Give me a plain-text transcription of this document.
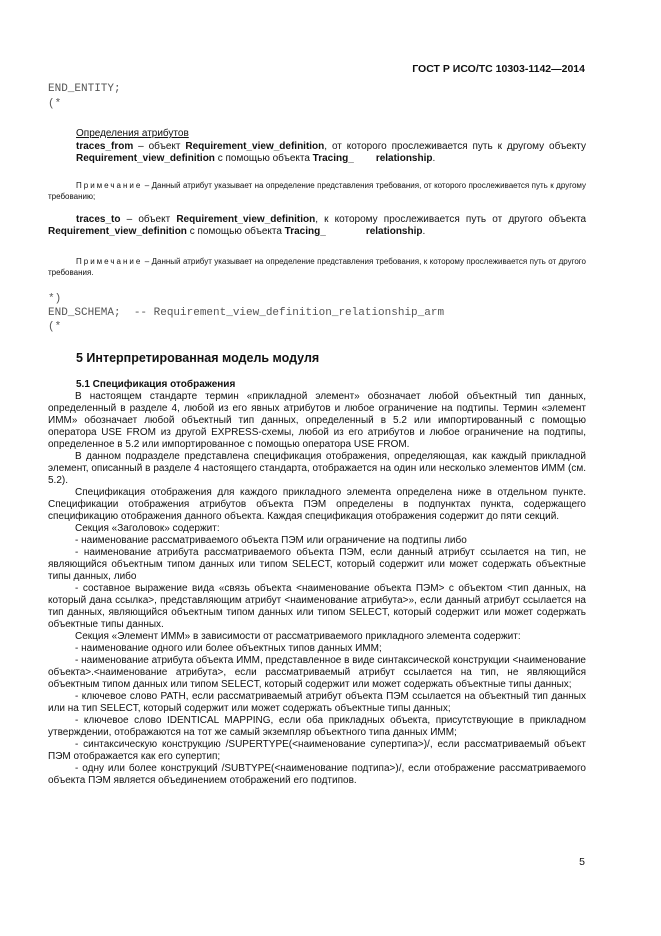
ГОСТ Р ИСО/ТС 10303-1142—2014
END_ENTITY;
(*
Определения атрибутов
traces_from – объект Requirement_view_definition, от которого прослеживается путь к другому объекту Requirement_view_definition с помощью объекта Tracing_ relationship.
Примечание – Данный атрибут указывает на определение представления требования, от которого прослеживается путь к другому требованию;
traces_to – объект Requirement_view_definition, к которому прослеживается путь от другого объекта Requirement_view_definition с помощью объекта Tracing_	relationship.
Примечание – Данный атрибут указывает на определение представления требования, к которому прослеживается путь от другого требования.
*)
END_SCHEMA;  -- Requirement_view_definition_relationship_arm
(*
5 Интерпретированная модель модуля
5.1 Спецификация отображения
В настоящем стандарте термин «прикладной элемент» обозначает любой объектный тип данных, определенный в разделе 4, любой из его явных атрибутов и любое ограничение на подтипы. Термин «элемент ИММ» обозначает любой объектный тип данных, определенный в 5.2 или импортированный с помощью оператора USE FROM из другой EXPRESS-схемы, любой из его атрибутов и любое ограничение на подтипы, определенное в 5.2 или импортированное с помощью оператора USE FROM.
В данном подразделе представлена спецификация отображения, определяющая, как каждый прикладной элемент, описанный в разделе 4 настоящего стандарта, отображается на один или несколько элементов ИММ (см. 5.2).
Спецификация отображения для каждого прикладного элемента определена ниже в отдельном пункте. Спецификации отображения атрибутов объекта ПЭМ определены в подпунктах пункта, содержащего спецификацию отображения данного объекта. Каждая спецификация отображения содержит до пяти секций.
Секция «Заголовок» содержит:
- наименование рассматриваемого объекта ПЭМ или ограничение на подтипы либо
- наименование атрибута рассматриваемого объекта ПЭМ, если данный атрибут ссылается на тип, не являющийся объектным типом данных или типом SELECT, который содержит или может содержать объектные типы данных, либо
- составное выражение вида «связь объекта <наименование объекта ПЭМ> с объектом <тип данных, на который дана ссылка>, представляющим атрибут <наименование атрибута>», если данный атрибут ссылается на тип данных, являющийся объектным типом данных или типом SELECT, который содержит или может содержать объектные типы данных.
Секция «Элемент ИММ» в зависимости от рассматриваемого прикладного элемента содержит:
- наименование одного или более объектных типов данных ИММ;
- наименование атрибута объекта ИММ, представленное в виде синтаксической конструкции <наименование объекта>.<наименование атрибута>, если рассматриваемый атрибут ссылается на тип, не являющийся объектным типом данных или типом SELECT, который содержит или может содержать объектные типы данных;
- ключевое слово PATH, если рассматриваемый атрибут объекта ПЭМ ссылается на объектный тип данных или на тип SELECT, который содержит или может содержать объектные типы данных;
- ключевое слово IDENTICAL MAPPING, если оба прикладных объекта, присутствующие в прикладном утверждении, отображаются на тот же самый экземпляр объектного типа данных ИММ;
- синтаксическую конструкцию /SUPERTYPE(<наименование супертипа>)/, если рассматриваемый объект ПЭМ отображается как его супертип;
- одну или более конструкций /SUBTYPE(<наименование подтипа>)/, если отображение рассматриваемого объекта ПЭМ является объединением отображений его подтипов.
5
